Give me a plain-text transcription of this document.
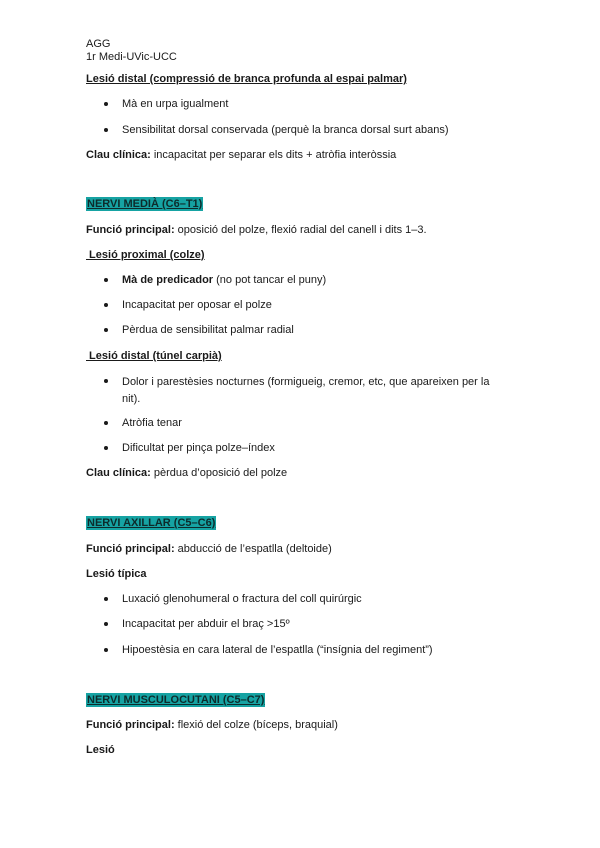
AGG
1r Medi-UVic-UCC
Lesió distal (compressió de branca profunda al espai palmar)
Mà en urpa igualment
Sensibilitat dorsal conservada (perquè la branca dorsal surt abans)
Clau clínica: incapacitat per separar els dits + atròfia interòssia
NERVI MEDIÀ (C6–T1)
Funció principal: oposició del polze, flexió radial del canell i dits 1–3.
Lesió proximal (colze)
Mà de predicador (no pot tancar el puny)
Incapacitat per oposar el polze
Pèrdua de sensibilitat palmar radial
Lesió distal (túnel carpià)
Dolor i parestèsies nocturnes (formigueig, cremor, etc, que apareixen per la
nit).
Atròfia tenar
Dificultat per pinça polze–índex
Clau clínica: pèrdua d’oposició del polze
NERVI AXILLAR (C5–C6)
Funció principal: abducció de l’espatlla (deltoide)
Lesió típica
Luxació glenohumeral o fractura del coll quirúrgic
Incapacitat per abduir el braç >15º
Hipoestèsia en cara lateral de l’espatlla (“insígnia del regiment”)
NERVI MUSCULOCUTANI (C5–C7)
Funció principal: flexió del colze (bíceps, braquial)
Lesió
